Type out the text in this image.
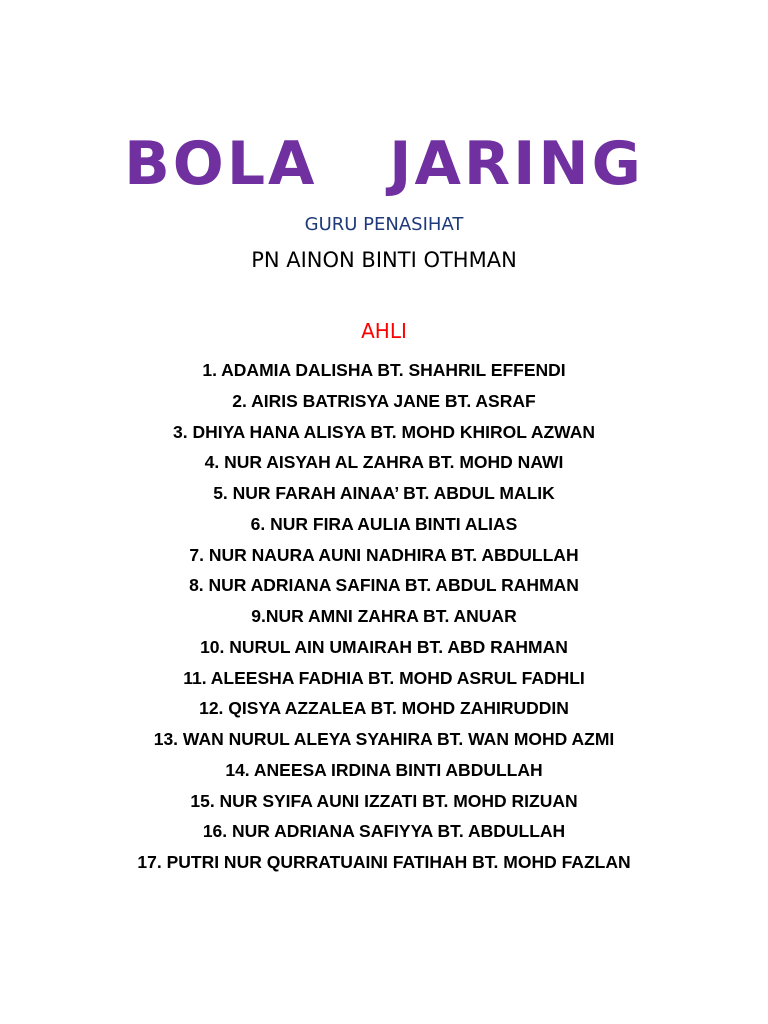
BOLA   JARING
GURU PENASIHAT
PN AINON BINTI OTHMAN
AHLI
1. ADAMIA DALISHA BT. SHAHRIL EFFENDI
2. AIRIS BATRISYA JANE BT. ASRAF
3. DHIYA HANA ALISYA BT. MOHD KHIROL AZWAN
4. NUR AISYAH AL ZAHRA BT. MOHD NAWI
5. NUR FARAH AINAA’ BT. ABDUL MALIK
6. NUR FIRA AULIA BINTI ALIAS
7. NUR NAURA AUNI NADHIRA BT. ABDULLAH
8. NUR ADRIANA SAFINA BT. ABDUL RAHMAN
9.NUR AMNI ZAHRA BT. ANUAR
10. NURUL AIN UMAIRAH BT. ABD RAHMAN
11. ALEESHA FADHIA BT. MOHD ASRUL FADHLI
12. QISYA AZZALEA BT. MOHD ZAHIRUDDIN
13. WAN NURUL ALEYA SYAHIRA BT. WAN MOHD AZMI
14. ANEESA IRDINA BINTI ABDULLAH
15. NUR SYIFA AUNI IZZATI BT. MOHD RIZUAN
16. NUR ADRIANA SAFIYYA BT. ABDULLAH
17. PUTRI NUR QURRATUAINI FATIHAH BT. MOHD FAZLAN
